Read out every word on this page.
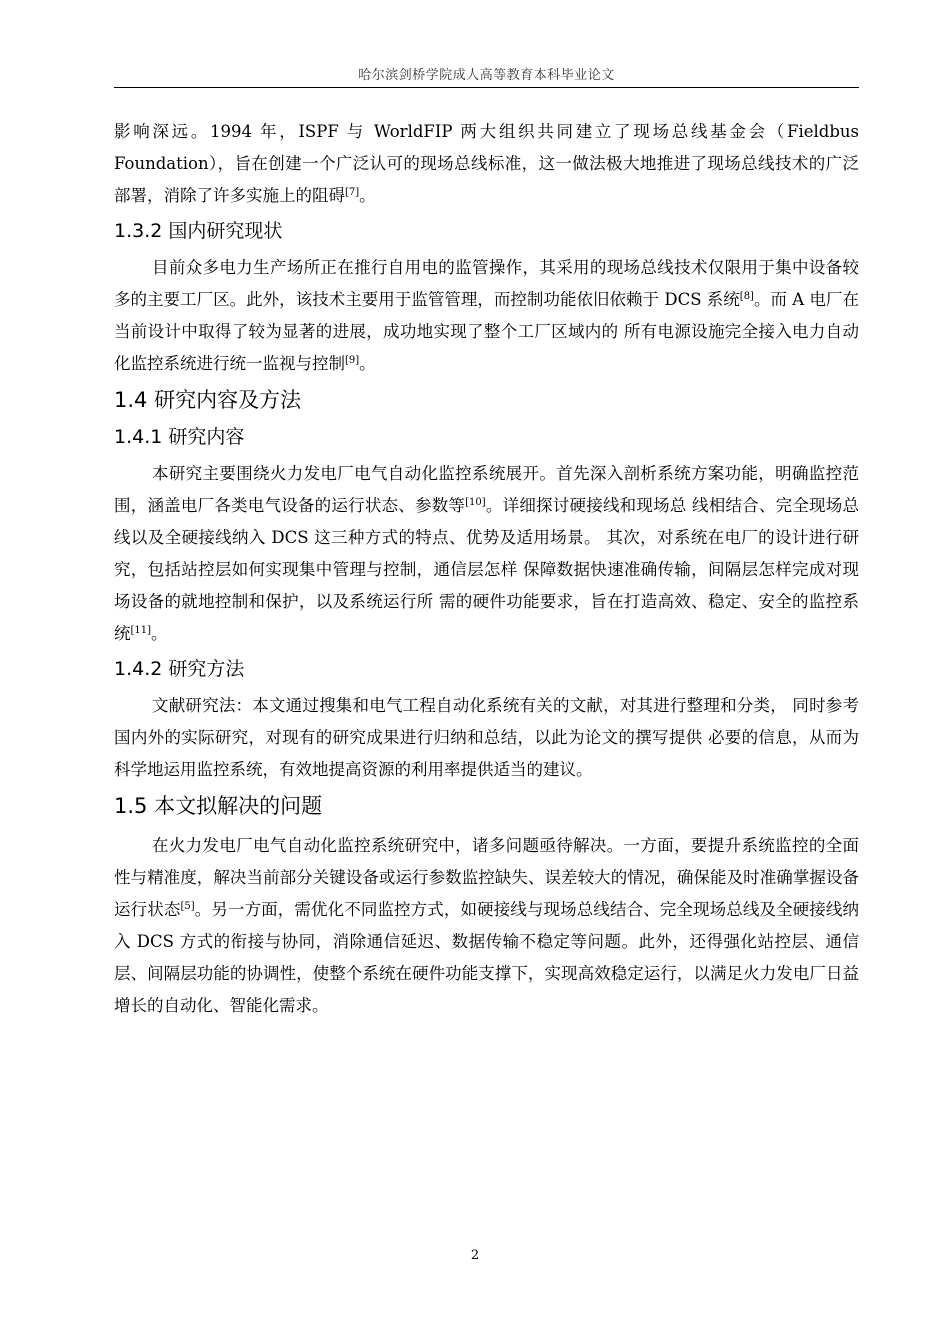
哈尔滨剑桥学院成人高等教育本科毕业论文

影响深远。1994 年，ISPF 与 WorldFIP 两大组织共同建立了现场总线基金会（Fieldbus Foundation），旨在创建一个广泛认可的现场总线标准，这一做法极大地推进了现场总线技术的广泛部署，消除了许多实施上的阻碍[7]。

1.3.2 国内研究现状

目前众多电力生产场所正在推行自用电的监管操作，其采用的现场总线技术仅限用于集中设备较多的主要工厂区。此外，该技术主要用于监管管理，而控制功能依旧依赖于 DCS 系统[8]。而 A 电厂在当前设计中取得了较为显著的进展，成功地实现了整个工厂区域内的 所有电源设施完全接入电力自动化监控系统进行统一监视与控制[9]。

1.4 研究内容及方法
1.4.1 研究内容

本研究主要围绕火力发电厂电气自动化监控系统展开。首先深入剖析系统方案功能，明确监控范围，涵盖电厂各类电气设备的运行状态、参数等[10]。详细探讨硬接线和现场总 线相结合、完全现场总线以及全硬接线纳入 DCS 这三种方式的特点、优势及适用场景。 其次，对系统在电厂的设计进行研究，包括站控层如何实现集中管理与控制，通信层怎样 保障数据快速准确传输，间隔层怎样完成对现场设备的就地控制和保护，以及系统运行所 需的硬件功能要求，旨在打造高效、稳定、安全的监控系统[11]。

1.4.2 研究方法

文献研究法：本文通过搜集和电气工程自动化系统有关的文献，对其进行整理和分类， 同时参考国内外的实际研究，对现有的研究成果进行归纳和总结，以此为论文的撰写提供 必要的信息，从而为科学地运用监控系统，有效地提高资源的利用率提供适当的建议。

1.5 本文拟解决的问题

在火力发电厂电气自动化监控系统研究中，诸多问题亟待解决。一方面，要提升系统监控的全面性与精准度，解决当前部分关键设备或运行参数监控缺失、误差较大的情况，确保能及时准确掌握设备运行状态[5]。另一方面，需优化不同监控方式，如硬接线与现场总线结合、完全现场总线及全硬接线纳入 DCS 方式的衔接与协同，消除通信延迟、数据传输不稳定等问题。此外，还得强化站控层、通信层、间隔层功能的协调性，使整个系统在硬件功能支撑下，实现高效稳定运行，以满足火力发电厂日益增长的自动化、智能化需求。

2
